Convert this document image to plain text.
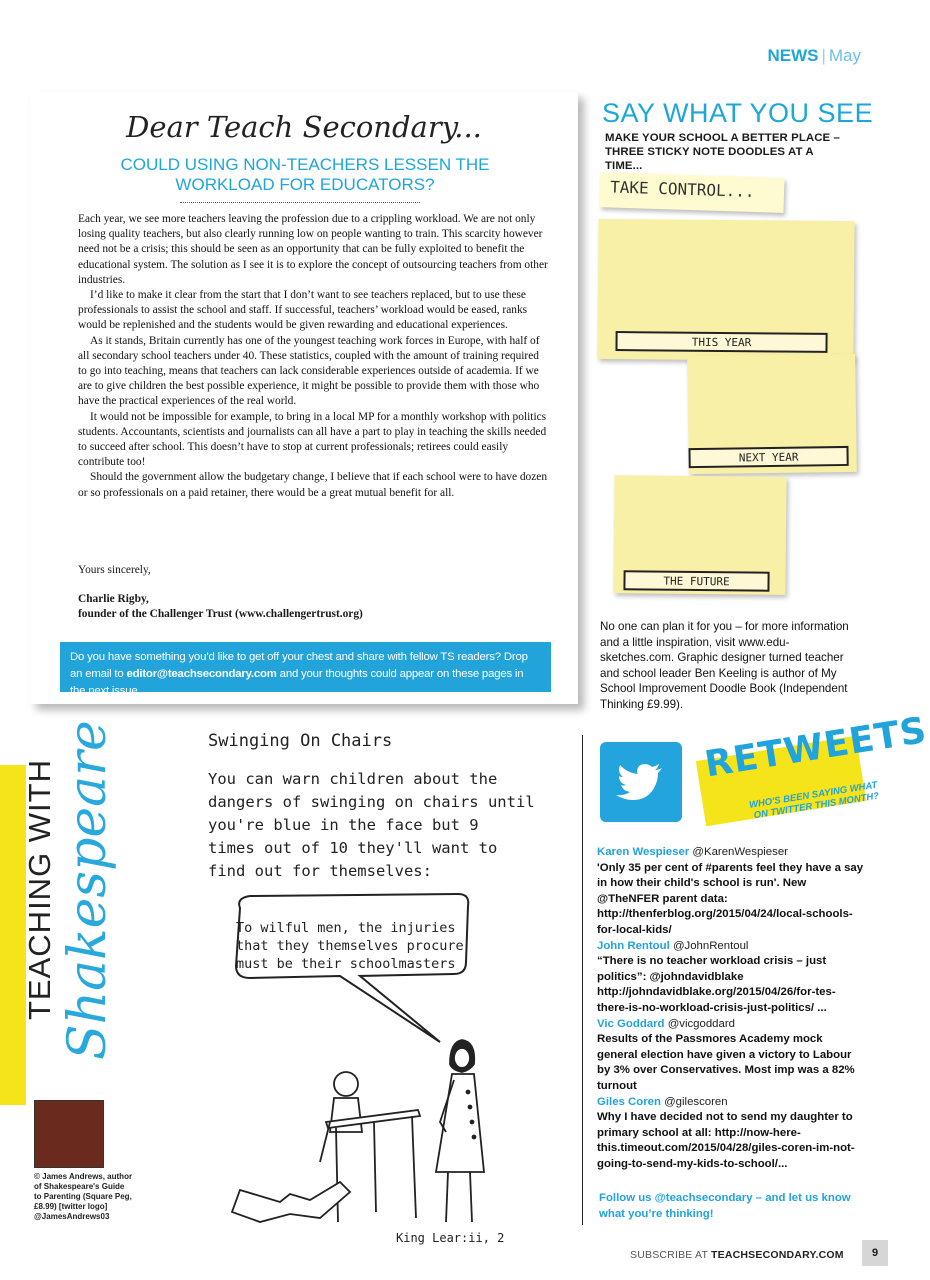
NEWS | May
Dear Teach Secondary...
COULD USING NON-TEACHERS LESSEN THE WORKLOAD FOR EDUCATORS?

Each year, we see more teachers leaving the profession due to a crippling workload. We are not only losing quality teachers, but also clearly running low on people wanting to train. This scarcity however need not be a crisis; this should be seen as an opportunity that can be fully exploited to benefit the educational system. The solution as I see it is to explore the concept of outsourcing teachers from other industries.

I’d like to make it clear from the start that I don’t want to see teachers replaced, but to use these professionals to assist the school and staff. If successful, teachers’ workload would be eased, ranks would be replenished and the students would be given rewarding and educational experiences.

As it stands, Britain currently has one of the youngest teaching work forces in Europe, with half of all secondary school teachers under 40. These statistics, coupled with the amount of training required to go into teaching, means that teachers can lack considerable experiences outside of academia. If we are to give children the best possible experience, it might be possible to provide them with those who have the practical experiences of the real world.

It would not be impossible for example, to bring in a local MP for a monthly workshop with politics students. Accountants, scientists and journalists can all have a part to play in teaching the skills needed to succeed after school. This doesn’t have to stop at current professionals; retirees could easily contribute too!

Should the government allow the budgetary change, I believe that if each school were to have dozen or so professionals on a paid retainer, there would be a great mutual benefit for all.

Yours sincerely,
Charlie Rigby,
founder of the Challenger Trust (www.challengertrust.org)
Do you have something you’d like to get off your chest and share with fellow TS readers? Drop an email to editor@teachsecondary.com and your thoughts could appear on these pages in the next issue...
SAY WHAT YOU SEE
MAKE YOUR SCHOOL A BETTER PLACE – THREE STICKY NOTE DOODLES AT A TIME...
TAKE CONTROL...
THIS YEAR
NEXT YEAR
THE FUTURE
No one can plan it for you – for more information and a little inspiration, visit www.edu-sketches.com. Graphic designer turned teacher and school leader Ben Keeling is author of My School Improvement Doodle Book (Independent Thinking £9.99).
TEACHING WITH Shakespeare	Swinging On Chairs
You can warn children about the
dangers of swinging on chairs until
you're blue in the face but 9
times out of 10 they'll want to
find out for themselves:
To wilful men, the injuries
that they themselves procure
must be their schoolmasters
King Lear:ii, 2
© James Andrews, author of Shakespeare's Guide to Parenting (Square Peg, £8.99) [twitter logo] @JamesAndrews03
RETWEETS
WHO'S BEEN SAYING WHAT ON TWITTER THIS MONTH?
Karen Wespieser @KarenWespieser
'Only 35 per cent of #parents feel they have a say in how their child's school is run'. New @TheNFER parent data: http://thenferblog.org/2015/04/24/local-schools-for-local-kids/
John Rentoul @JohnRentoul
“There is no teacher workload crisis – just politics”: @johndavidblake http://johndavidblake.org/2015/04/26/for-tes-there-is-no-workload-crisis-just-politics/ ...
Vic Goddard @vicgoddard
Results of the Passmores Academy mock general election have given a victory to Labour by 3% over Conservatives. Most imp was a 82% turnout
Giles Coren @gilescoren
Why I have decided not to send my daughter to primary school at all: http://now-here-this.timeout.com/2015/04/28/giles-coren-im-not-going-to-send-my-kids-to-school/...
Follow us @teachsecondary – and let us know what you’re thinking!
SUBSCRIBE AT TEACHSECONDARY.COM	9
